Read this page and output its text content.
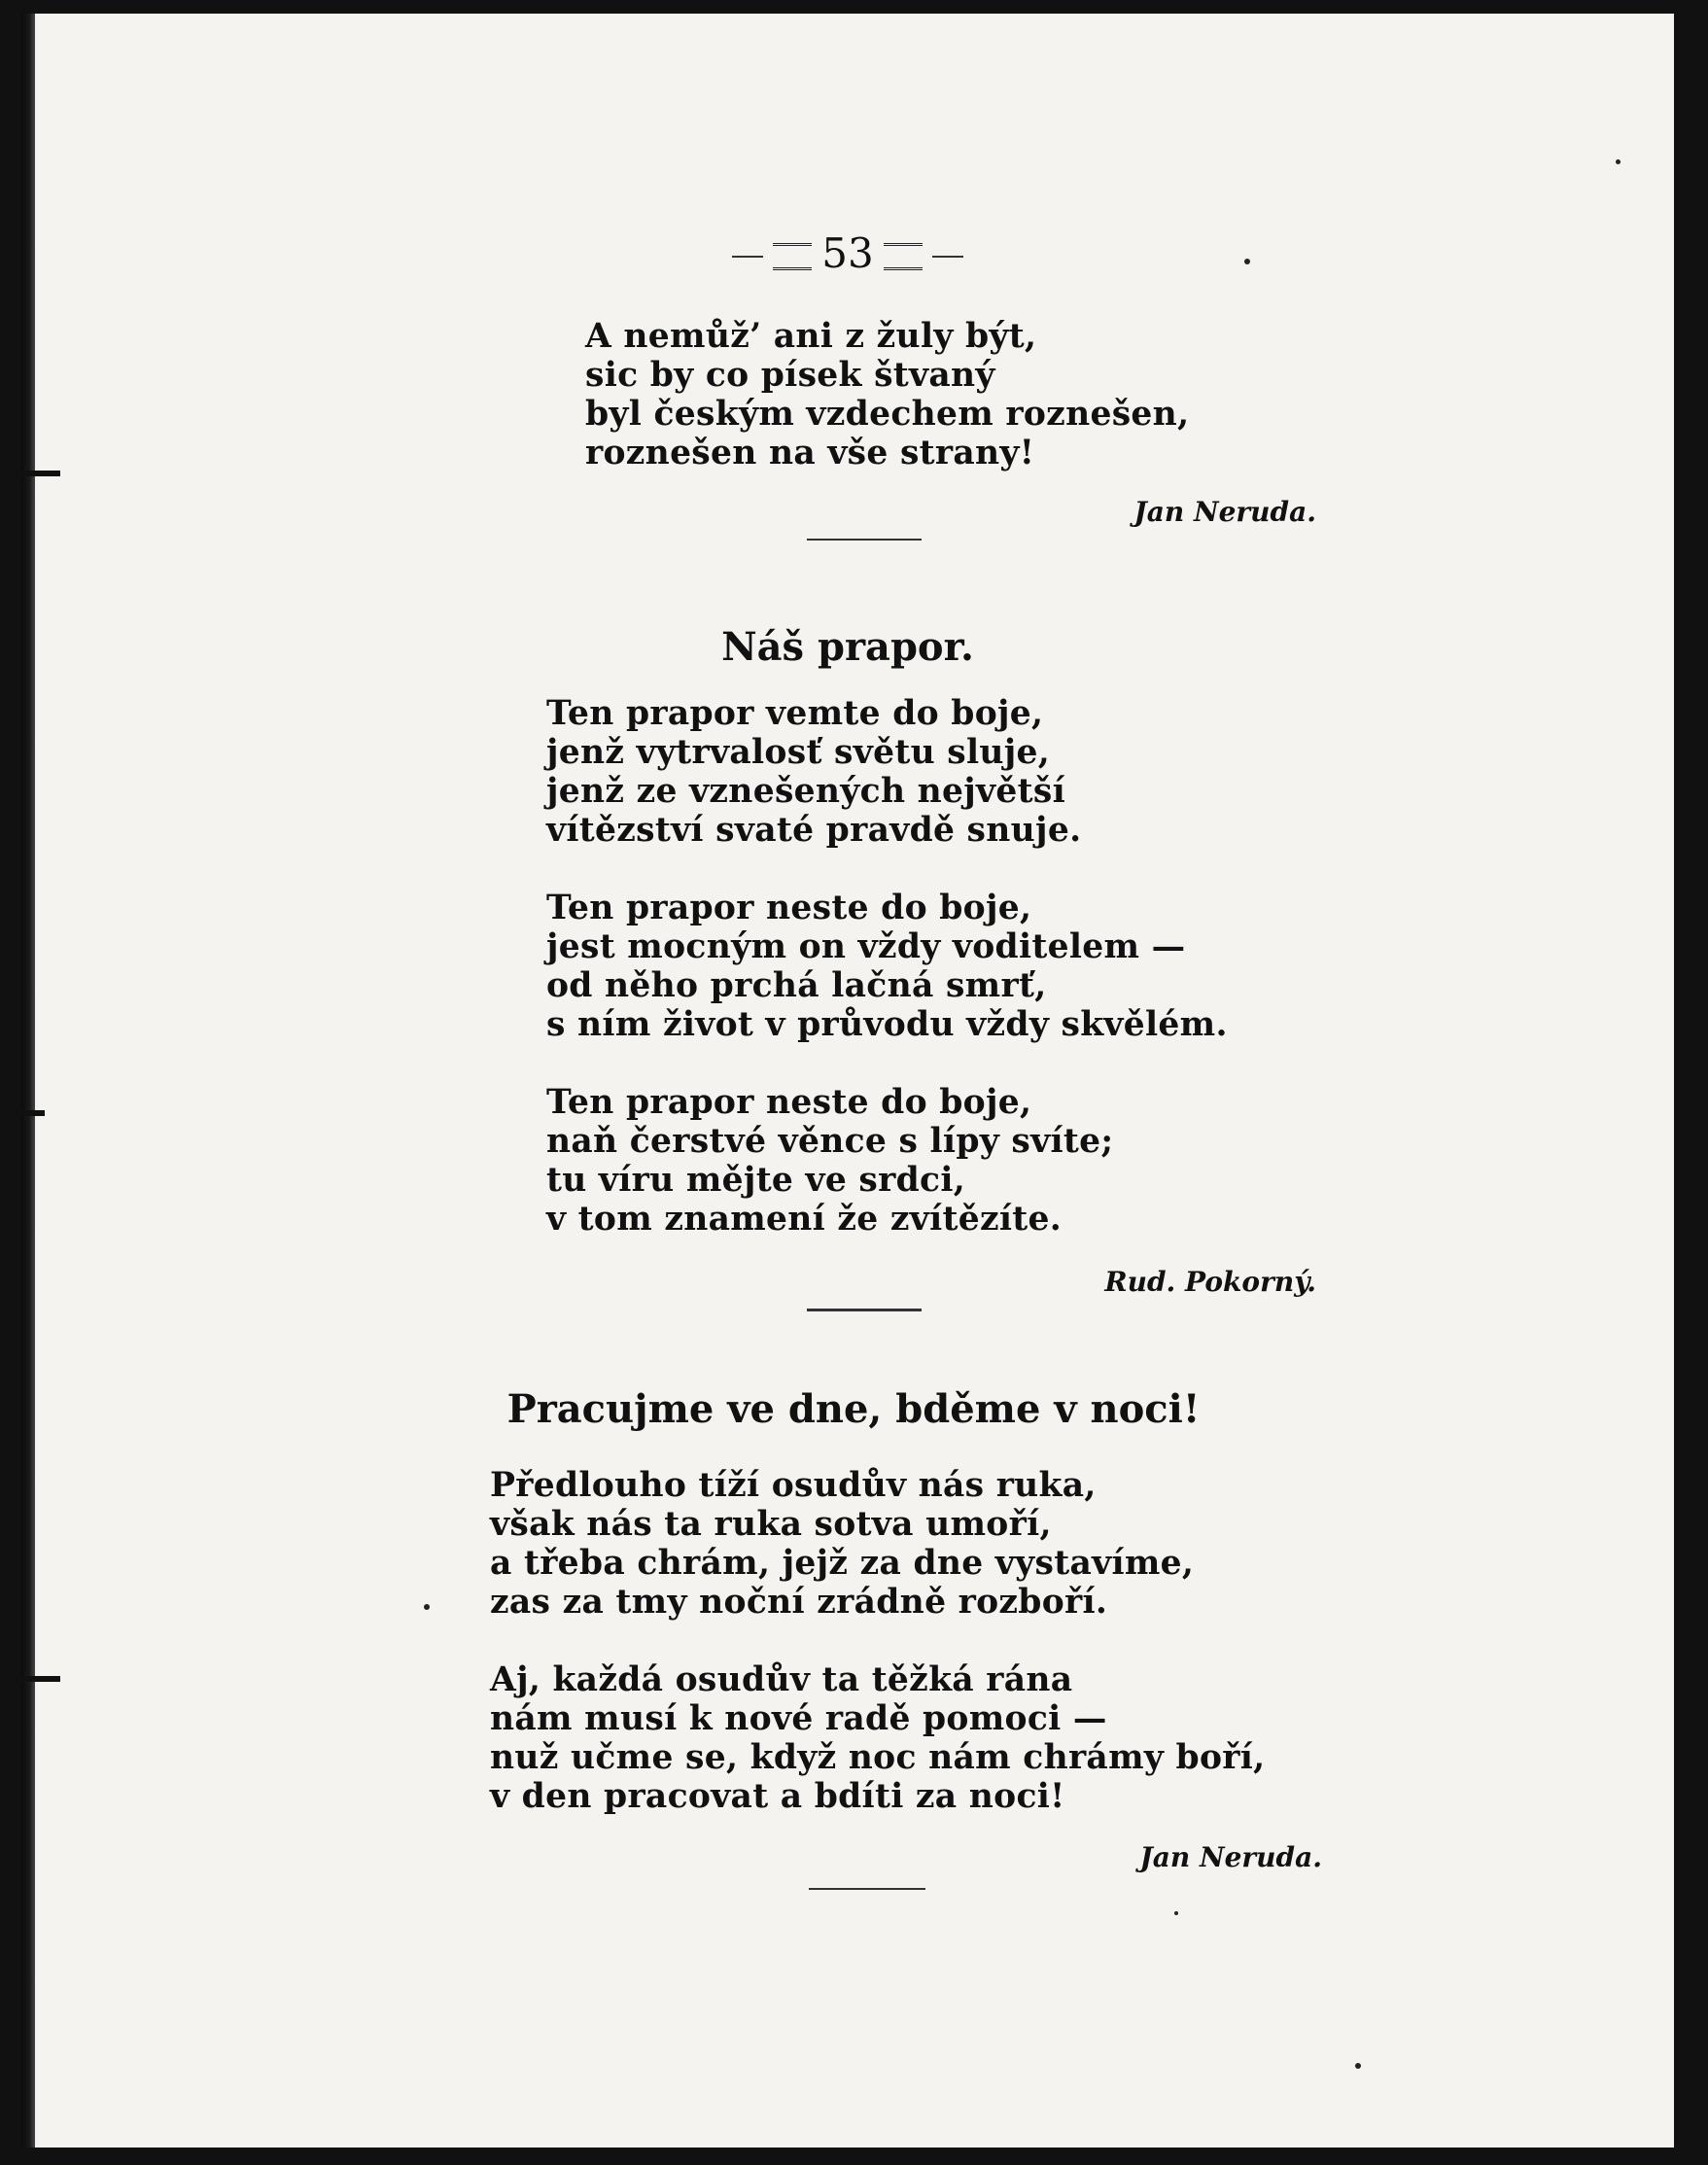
53
A nemůž’ ani z žuly být,
sic by co písek štvaný
byl českým vzdechem roznešen,
roznešen na vše strany!
Jan Neruda.
Náš prapor.
Ten prapor vemte do boje,
jenž vytrvalosť světu sluje,
jenž ze vznešených největší
vítězství svaté pravdě snuje.
Ten prapor neste do boje,
jest mocným on vždy voditelem —
od něho prchá lačná smrť,
s ním život v průvodu vždy skvělém.
Ten prapor neste do boje,
naň čerstvé věnce s lípy svíte;
tu víru mějte ve srdci,
v tom znamení že zvítězíte.
Rud. Pokorný.
Pracujme ve dne, bděme v noci!
Předlouho tíží osudův nás ruka,
však nás ta ruka sotva umoří,
a třeba chrám, jejž za dne vystavíme,
zas za tmy noční zrádně rozboří.
Aj, každá osudův ta těžká rána
nám musí k nové radě pomoci —
nuž učme se, když noc nám chrámy boří,
v den pracovat a bdíti za noci!
Jan Neruda.
